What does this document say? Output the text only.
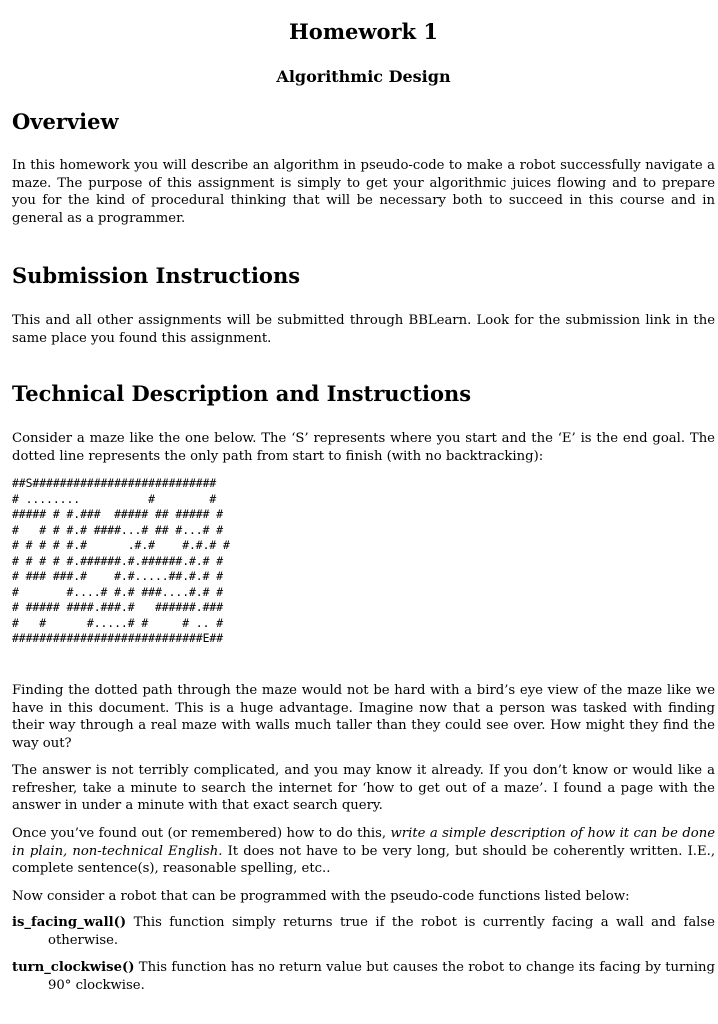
Homework 1
Algorithmic Design
Overview

In this homework you will describe an algorithm in pseudo-code to make a robot successfully navigate a maze. The purpose of this assignment is simply to get your algorithmic juices flowing and to prepare you for the kind of procedural thinking that will be necessary both to succeed in this course and in general as a programmer.

Submission Instructions

This and all other assignments will be submitted through BBLearn. Look for the submission link in the same place you found this assignment.

Technical Description and Instructions

Consider a maze like the one below. The ‘S’ represents where you start and the ‘E’ is the end goal. The dotted line represents the only path from start to finish (with no backtracking):

##S###########################
# ........          #        #
##### # #.###  ##### ## ##### #
#   # # #.# ####...# ## #...# #
# # # # #.#      .#.#    #.#.# #
# # # # #.######.#.######.#.# #
# ### ###.#    #.#.....##.#.# #
#       #....# #.# ###....#.# #
# ##### ####.###.#   ######.###
#   #      #.....# #     # .. #
############################E##

Finding the dotted path through the maze would not be hard with a bird’s eye view of the maze like we have in this document. This is a huge advantage. Imagine now that a person was tasked with finding their way through a real maze with walls much taller than they could see over. How might they find the way out?

The answer is not terribly complicated, and you may know it already. If you don’t know or would like a refresher, take a minute to search the internet for ‘how to get out of a maze’. I found a page with the answer in under a minute with that exact search query.

Once you’ve found out (or remembered) how to do this, write a simple description of how it can be done in plain, non-technical English. It does not have to be very long, but should be coherently written. I.E., complete sentence(s), reasonable spelling, etc..

Now consider a robot that can be programmed with the pseudo-code functions listed below:

is_facing_wall() This function simply returns true if the robot is currently facing a wall and false otherwise.
turn_clockwise() This function has no return value but causes the robot to change its facing by turning 90° clockwise.
